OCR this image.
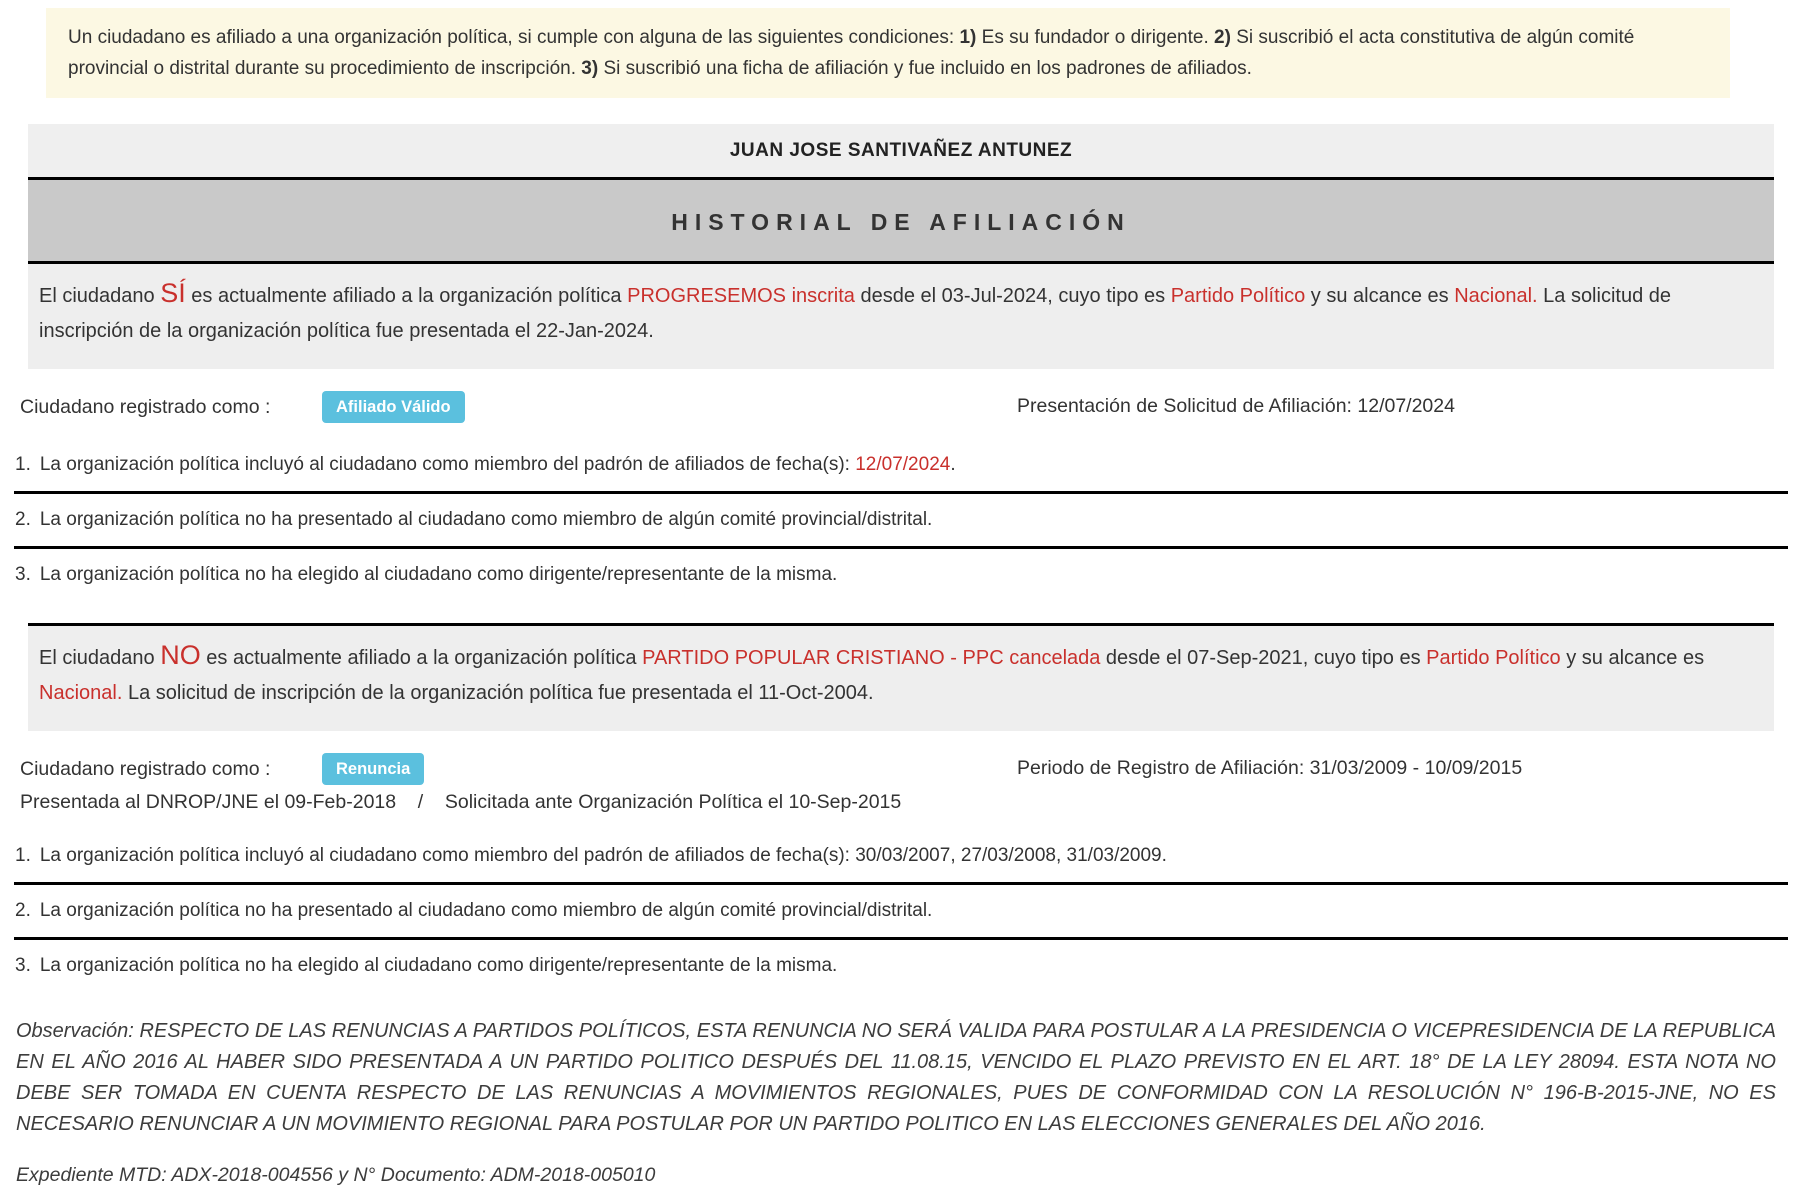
Un ciudadano es afiliado a una organización política, si cumple con alguna de las siguientes condiciones: 1) Es su fundador o dirigente. 2) Si suscribió el acta constitutiva de algún comité provincial o distrital durante su procedimiento de inscripción. 3) Si suscribió una ficha de afiliación y fue incluido en los padrones de afiliados.
JUAN JOSE SANTIVAÑEZ ANTUNEZ
HISTORIAL DE AFILIACIÓN
El ciudadano SÍ es actualmente afiliado a la organización política PROGRESEMOS inscrita desde el 03-Jul-2024, cuyo tipo es Partido Político y su alcance es Nacional. La solicitud de inscripción de la organización política fue presentada el 22-Jan-2024.
Ciudadano registrado como :	Afiliado Válido	Presentación de Solicitud de Afiliación: 12/07/2024
1. La organización política incluyó al ciudadano como miembro del padrón de afiliados de fecha(s): 12/07/2024.
2. La organización política no ha presentado al ciudadano como miembro de algún comité provincial/distrital.
3. La organización política no ha elegido al ciudadano como dirigente/representante de la misma.
El ciudadano NO es actualmente afiliado a la organización política PARTIDO POPULAR CRISTIANO - PPC cancelada desde el 07-Sep-2021, cuyo tipo es Partido Político y su alcance es Nacional. La solicitud de inscripción de la organización política fue presentada el 11-Oct-2004.
Ciudadano registrado como :	Renuncia	Periodo de Registro de Afiliación: 31/03/2009 - 10/09/2015
Presentada al DNROP/JNE el 09-Feb-2018    /    Solicitada ante Organización Política el 10-Sep-2015
1. La organización política incluyó al ciudadano como miembro del padrón de afiliados de fecha(s): 30/03/2007, 27/03/2008, 31/03/2009.
2. La organización política no ha presentado al ciudadano como miembro de algún comité provincial/distrital.
3. La organización política no ha elegido al ciudadano como dirigente/representante de la misma.
Observación: RESPECTO DE LAS RENUNCIAS A PARTIDOS POLÍTICOS, ESTA RENUNCIA NO SERÁ VALIDA PARA POSTULAR A LA PRESIDENCIA O VICEPRESIDENCIA DE LA REPUBLICA EN EL AÑO 2016 AL HABER SIDO PRESENTADA A UN PARTIDO POLITICO DESPUÉS DEL 11.08.15, VENCIDO EL PLAZO PREVISTO EN EL ART. 18° DE LA LEY 28094. ESTA NOTA NO DEBE SER TOMADA EN CUENTA RESPECTO DE LAS RENUNCIAS A MOVIMIENTOS REGIONALES, PUES DE CONFORMIDAD CON LA RESOLUCIÓN N° 196-B-2015-JNE, NO ES NECESARIO RENUNCIAR A UN MOVIMIENTO REGIONAL PARA POSTULAR POR UN PARTIDO POLITICO EN LAS ELECCIONES GENERALES DEL AÑO 2016.
Expediente MTD: ADX-2018-004556 y N° Documento: ADM-2018-005010
